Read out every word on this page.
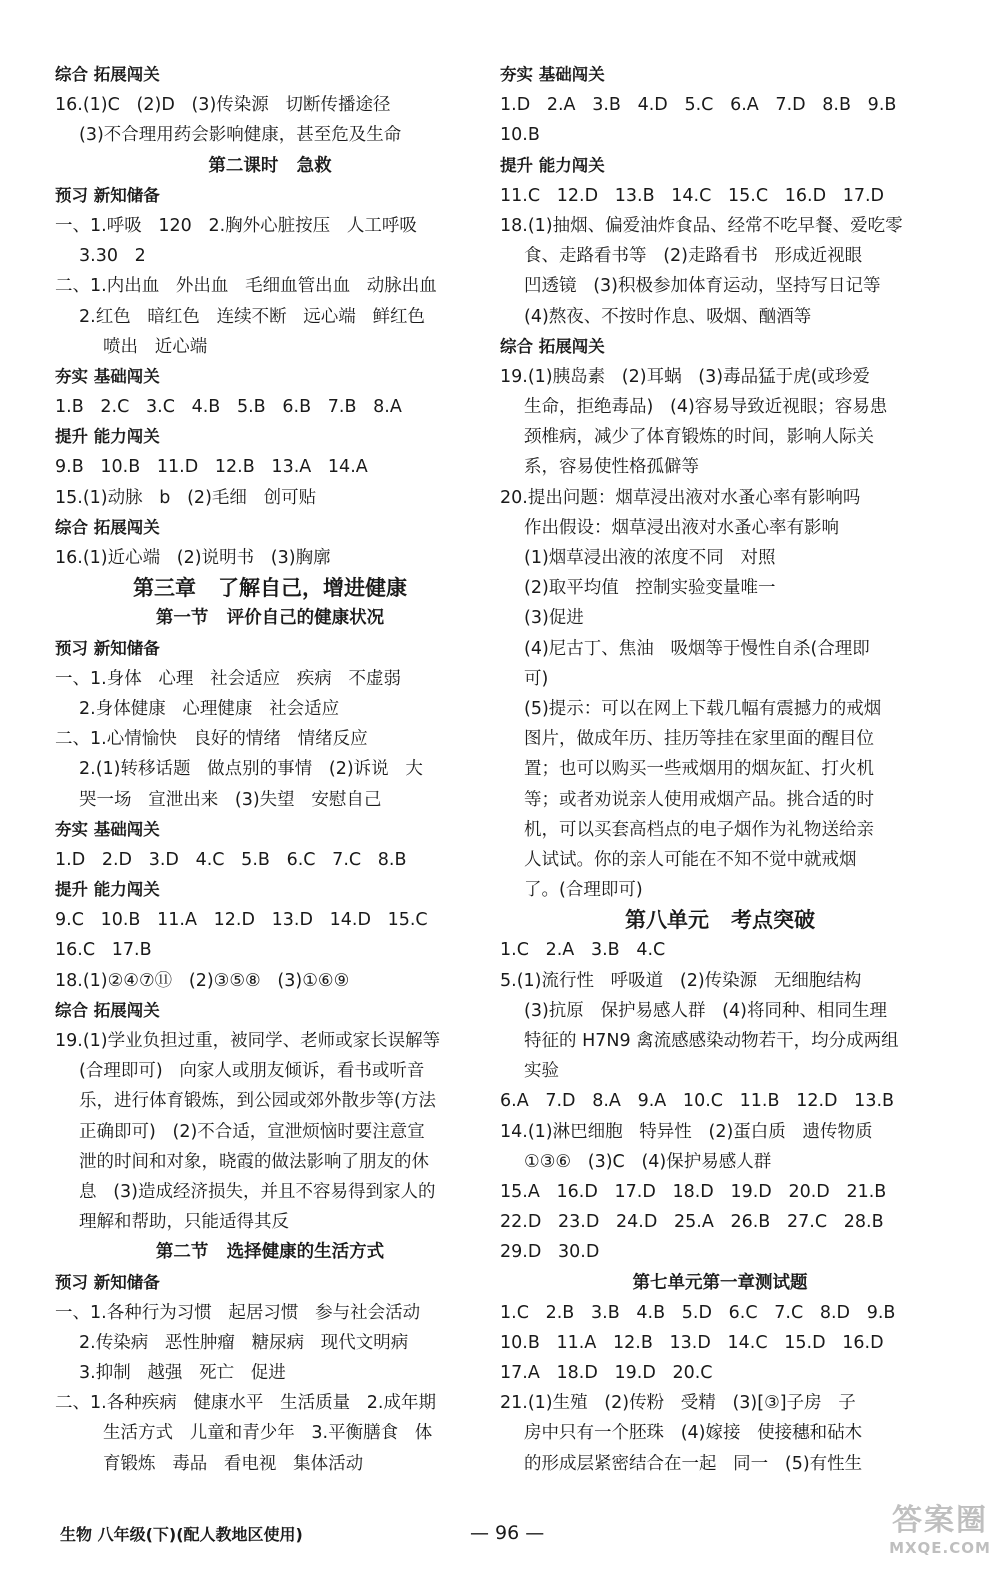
综合 拓展闯关
16.(1)C   (2)D   (3)传染源   切断传播途径
(3)不合理用药会影响健康，甚至危及生命
第二课时   急救
预习 新知储备
一、1.呼吸   120   2.胸外心脏按压   人工呼吸
3.30   2
二、1.内出血   外出血   毛细血管出血   动脉出血
2.红色   暗红色   连续不断   远心端   鲜红色
喷出   近心端
夯实 基础闯关
1.B   2.C   3.C   4.B   5.B   6.B   7.B   8.A
提升 能力闯关
9.B   10.B   11.D   12.B   13.A   14.A
15.(1)动脉   b   (2)毛细   创可贴
综合 拓展闯关
16.(1)近心端   (2)说明书   (3)胸廓
第三章   了解自己，增进健康
第一节   评价自己的健康状况
预习 新知储备
一、1.身体   心理   社会适应   疾病   不虚弱
2.身体健康   心理健康   社会适应
二、1.心情愉快   良好的情绪   情绪反应
2.(1)转移话题   做点别的事情   (2)诉说   大
哭一场   宣泄出来   (3)失望   安慰自己
夯实 基础闯关
1.D   2.D   3.D   4.C   5.B   6.C   7.C   8.B
提升 能力闯关
9.C   10.B   11.A   12.D   13.D   14.D   15.C
16.C   17.B
18.(1)②④⑦⑪   (2)③⑤⑧   (3)①⑥⑨
综合 拓展闯关
19.(1)学业负担过重，被同学、老师或家长误解等
(合理即可)   向家人或朋友倾诉，看书或听音
乐，进行体育锻炼，到公园或郊外散步等(方法
正确即可)   (2)不合适，宣泄烦恼时要注意宣
泄的时间和对象，晓霞的做法影响了朋友的休
息   (3)造成经济损失，并且不容易得到家人的
理解和帮助，只能适得其反
第二节   选择健康的生活方式
预习 新知储备
一、1.各种行为习惯   起居习惯   参与社会活动
2.传染病   恶性肿瘤   糖尿病   现代文明病
3.抑制   越强   死亡   促进
二、1.各种疾病   健康水平   生活质量   2.成年期
生活方式   儿童和青少年   3.平衡膳食   体
育锻炼   毒品   看电视   集体活动
夯实 基础闯关
1.D   2.A   3.B   4.D   5.C   6.A   7.D   8.B   9.B
10.B
提升 能力闯关
11.C   12.D   13.B   14.C   15.C   16.D   17.D
18.(1)抽烟、偏爱油炸食品、经常不吃早餐、爱吃零
食、走路看书等   (2)走路看书   形成近视眼
凹透镜   (3)积极参加体育运动，坚持写日记等
(4)熬夜、不按时作息、吸烟、酗酒等
综合 拓展闯关
19.(1)胰岛素   (2)耳蜗   (3)毒品猛于虎(或珍爱
生命，拒绝毒品)   (4)容易导致近视眼；容易患
颈椎病，减少了体育锻炼的时间，影响人际关
系，容易使性格孤僻等
20.提出问题：烟草浸出液对水蚤心率有影响吗
作出假设：烟草浸出液对水蚤心率有影响
(1)烟草浸出液的浓度不同   对照
(2)取平均值   控制实验变量唯一
(3)促进
(4)尼古丁、焦油   吸烟等于慢性自杀(合理即
可)
(5)提示：可以在网上下载几幅有震撼力的戒烟
图片，做成年历、挂历等挂在家里面的醒目位
置；也可以购买一些戒烟用的烟灰缸、打火机
等；或者劝说亲人使用戒烟产品。挑合适的时
机，可以买套高档点的电子烟作为礼物送给亲
人试试。你的亲人可能在不知不觉中就戒烟
了。(合理即可)
第八单元   考点突破
1.C   2.A   3.B   4.C
5.(1)流行性   呼吸道   (2)传染源   无细胞结构
(3)抗原   保护易感人群   (4)将同种、相同生理
特征的 H7N9 禽流感感染动物若干，均分成两组
实验
6.A   7.D   8.A   9.A   10.C   11.B   12.D   13.B
14.(1)淋巴细胞   特异性   (2)蛋白质   遗传物质
①③⑥   (3)C   (4)保护易感人群
15.A   16.D   17.D   18.D   19.D   20.D   21.B
22.D   23.D   24.D   25.A   26.B   27.C   28.B
29.D   30.D
第七单元第一章测试题
1.C   2.B   3.B   4.B   5.D   6.C   7.C   8.D   9.B
10.B   11.A   12.B   13.D   14.C   15.D   16.D
17.A   18.D   19.D   20.C
21.(1)生殖   (2)传粉   受精   (3)[③]子房   子
房中只有一个胚珠   (4)嫁接   使接穗和砧木
的形成层紧密结合在一起   同一   (5)有性生
生物 八年级(下)(配人教地区使用)	— 96 —	答案圈
MXQE.COM
